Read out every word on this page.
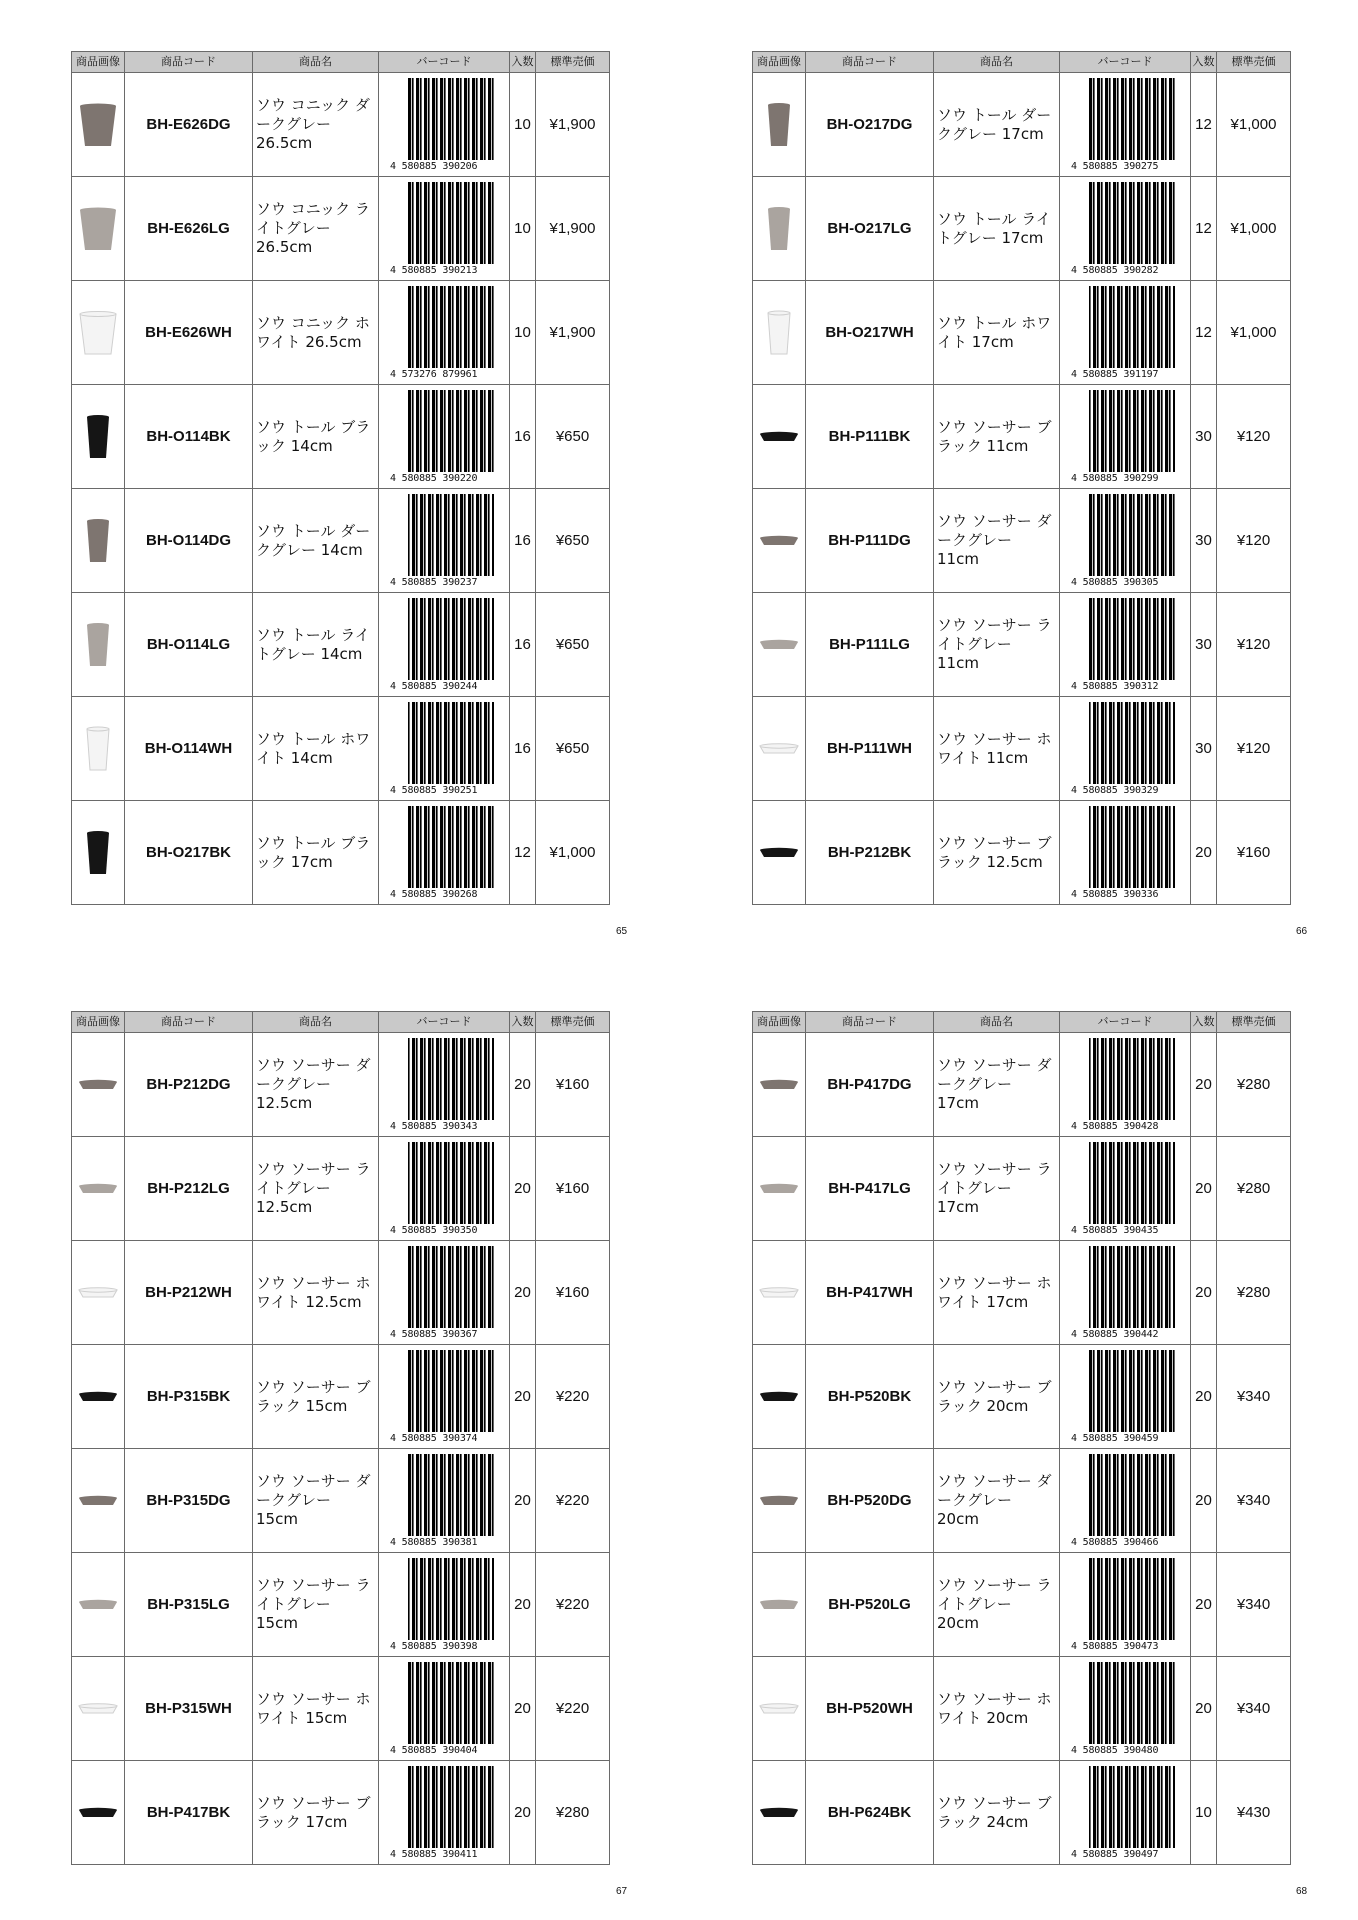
商品画像	商品コード	商品名	バーコード	入数	標準売価

	BH-E626DG	ソウ コニック ダークグレー 26.5cm	4 580885 390206	10	¥1,900

	BH-E626LG	ソウ コニック ライトグレー 26.5cm	4 580885 390213	10	¥1,900

	BH-E626WH	ソウ コニック ホワイト 26.5cm	4 573276 879961	10	¥1,900

	BH-O114BK	ソウ トール ブラック 14cm	4 580885 390220	16	¥650

	BH-O114DG	ソウ トール ダークグレー 14cm	4 580885 390237	16	¥650

	BH-O114LG	ソウ トール ライトグレー 14cm	4 580885 390244	16	¥650

	BH-O114WH	ソウ トール ホワイト 14cm	4 580885 390251	16	¥650

	BH-O217BK	ソウ トール ブラック 17cm	4 580885 390268	12	¥1,000
65
商品画像	商品コード	商品名	バーコード	入数	標準売価

	BH-O217DG	ソウ トール ダークグレー 17cm	4 580885 390275	12	¥1,000

	BH-O217LG	ソウ トール ライトグレー 17cm	4 580885 390282	12	¥1,000

	BH-O217WH	ソウ トール ホワイト 17cm	4 580885 391197	12	¥1,000

	BH-P111BK	ソウ ソーサー ブラック 11cm	4 580885 390299	30	¥120

	BH-P111DG	ソウ ソーサー ダークグレー 11cm	4 580885 390305	30	¥120

	BH-P111LG	ソウ ソーサー ライトグレー 11cm	4 580885 390312	30	¥120

	BH-P111WH	ソウ ソーサー ホワイト 11cm	4 580885 390329	30	¥120

	BH-P212BK	ソウ ソーサー ブラック 12.5cm	4 580885 390336	20	¥160
66
商品画像	商品コード	商品名	バーコード	入数	標準売価

	BH-P212DG	ソウ ソーサー ダークグレー 12.5cm	4 580885 390343	20	¥160

	BH-P212LG	ソウ ソーサー ライトグレー 12.5cm	4 580885 390350	20	¥160

	BH-P212WH	ソウ ソーサー ホワイト 12.5cm	4 580885 390367	20	¥160

	BH-P315BK	ソウ ソーサー ブラック 15cm	4 580885 390374	20	¥220

	BH-P315DG	ソウ ソーサー ダークグレー 15cm	4 580885 390381	20	¥220

	BH-P315LG	ソウ ソーサー ライトグレー 15cm	4 580885 390398	20	¥220

	BH-P315WH	ソウ ソーサー ホワイト 15cm	4 580885 390404	20	¥220

	BH-P417BK	ソウ ソーサー ブラック 17cm	4 580885 390411	20	¥280
67
商品画像	商品コード	商品名	バーコード	入数	標準売価

	BH-P417DG	ソウ ソーサー ダークグレー 17cm	4 580885 390428	20	¥280

	BH-P417LG	ソウ ソーサー ライトグレー 17cm	4 580885 390435	20	¥280

	BH-P417WH	ソウ ソーサー ホワイト 17cm	4 580885 390442	20	¥280

	BH-P520BK	ソウ ソーサー ブラック 20cm	4 580885 390459	20	¥340

	BH-P520DG	ソウ ソーサー ダークグレー 20cm	4 580885 390466	20	¥340

	BH-P520LG	ソウ ソーサー ライトグレー 20cm	4 580885 390473	20	¥340

	BH-P520WH	ソウ ソーサー ホワイト 20cm	4 580885 390480	20	¥340

	BH-P624BK	ソウ ソーサー ブラック 24cm	4 580885 390497	10	¥430
68
